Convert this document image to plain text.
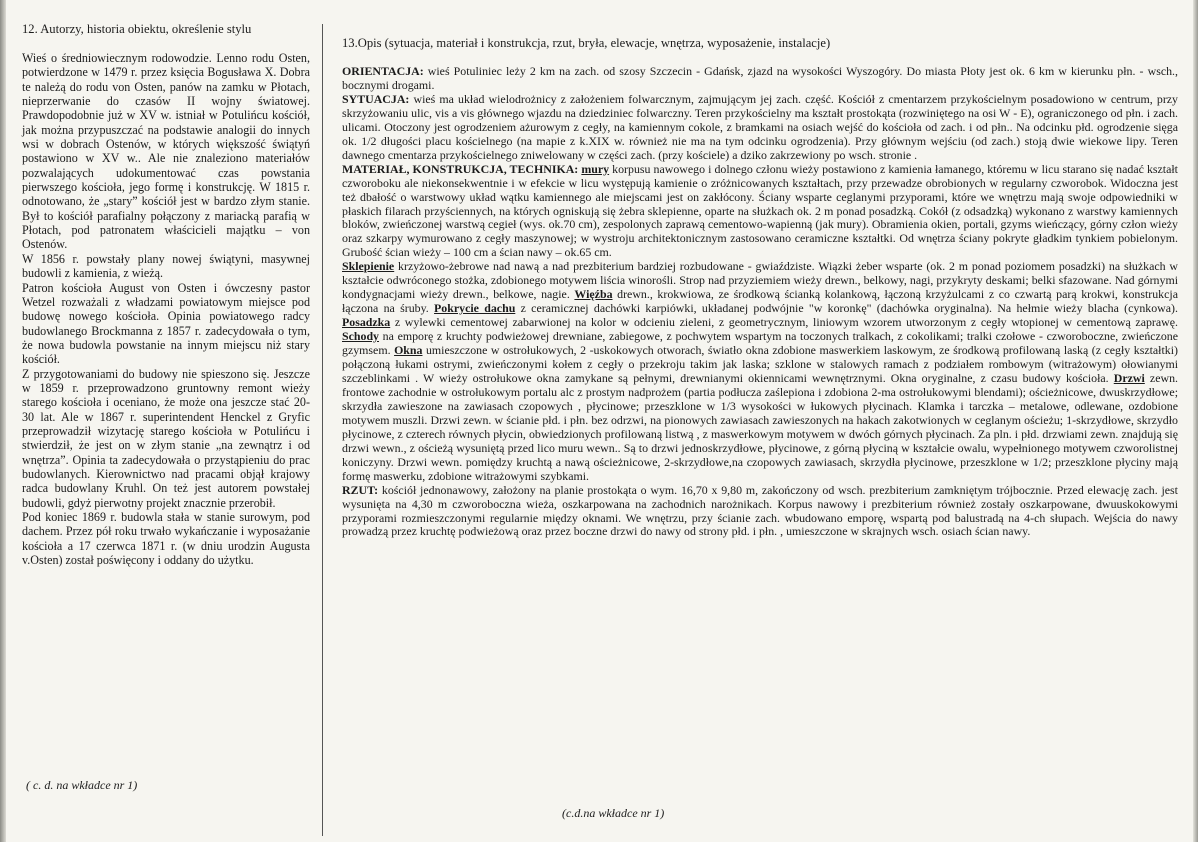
12. Autorzy, historia obiektu, określenie stylu

Wieś o średniowiecznym rodowodzie. Lenno rodu Osten, potwierdzone w 1479 r. przez księcia Bogusława X. Dobra te należą do rodu von Osten, panów na zamku w Płotach, nieprzerwanie do czasów II wojny światowej. Prawdopodobnie już w XV w. istniał w Potulińcu kościół, jak można przypuszczać na podstawie analogii do innych wsi w dobrach Ostenów, w których większość świątyń postawiono w XV w.. Ale nie znaleziono materiałów pozwalających udokumentować czas powstania pierwszego kościoła, jego formę i konstrukcję. W 1815 r. odnotowano, że „stary” kościół jest w bardzo złym stanie. Był to kościół parafialny połączony z mariacką parafią w Płotach, pod patronatem właścicieli majątku – von Ostenów.
W 1856 r. powstały plany nowej świątyni, masywnej budowli z kamienia, z wieżą.
Patron kościoła August von Osten i ówczesny pastor Wetzel rozważali z władzami powiatowym miejsce pod budowę nowego kościoła. Opinia powiatowego radcy budowlanego Brockmanna z 1857 r. zadecydowała o tym, że nowa budowla powstanie na innym miejscu niż stary kościół.
Z przygotowaniami do budowy nie spieszono się. Jeszcze w 1859 r. przeprowadzono gruntowny remont wieży starego kościoła i oceniano, że może ona jeszcze stać 20-30 lat. Ale w 1867 r. superintendent Henckel z Gryfic przeprowadził wizytację starego kościoła w Potulińcu i stwierdził, że jest on w złym stanie „na zewnątrz i od wnętrza”. Opinia ta zadecydowała o przystąpieniu do prac budowlanych. Kierownictwo nad pracami objął krajowy radca budowlany Kruhl. On też jest autorem powstałej budowli, gdyż pierwotny projekt znacznie przerobił.
Pod koniec 1869 r. budowla stała w stanie surowym, pod dachem. Przez pół roku trwało wykańczanie i wyposażanie kościoła a 17 czerwca 1871 r. (w dniu urodzin Augusta v.Osten) został poświęcony i oddany do użytku.

( c. d. na wkładce nr 1)

13.Opis (sytuacja, materiał i konstrukcja, rzut, bryła, elewacje, wnętrza, wyposażenie, instalacje)

ORIENTACJA: wieś Potuliniec leży 2 km na zach. od szosy Szczecin - Gdańsk, zjazd na wysokości Wyszogóry. Do miasta Płoty jest ok. 6 km w kierunku płn. - wsch., bocznymi drogami.

SYTUACJA: wieś ma układ wielodrożnicy z założeniem folwarcznym, zajmującym jej zach. część. Kościół z cmentarzem przykościelnym posadowiono w centrum, przy skrzyżowaniu ulic, vis a vis głównego wjazdu na dziedziniec folwarczny. Teren przykościelny ma kształt prostokąta (rozwiniętego na osi W - E), ograniczonego od płn. i zach. ulicami. Otoczony jest ogrodzeniem ażurowym z cegły, na kamiennym cokole, z bramkami na osiach wejść do kościoła od zach. i od płn.. Na odcinku płd. ogrodzenie sięga ok. 1/2 długości placu kościelnego (na mapie z k.XIX w. również nie ma na tym odcinku ogrodzenia). Przy głównym wejściu (od zach.) stoją dwie wiekowe lipy. Teren dawnego cmentarza przykościelnego zniwelowany w części zach. (przy kościele) a dziko zakrzewiony po wsch. stronie .

MATERIAŁ, KONSTRUKCJA, TECHNIKA: mury korpusu nawowego i dolnego członu wieży postawiono z kamienia łamanego, któremu w licu starano się nadać kształt czworoboku ale niekonsekwentnie i w efekcie w licu występują kamienie o zróżnicowanych kształtach, przy przewadze obrobionych w regularny czworobok. Widoczna jest też dbałość o warstwowy układ wątku kamiennego ale miejscami jest on zakłócony. Ściany wsparte ceglanymi przyporami, które we wnętrzu mają swoje odpowiedniki w płaskich filarach przyściennych, na których ogniskują się żebra sklepienne, oparte na służkach ok. 2 m ponad posadzką. Cokół (z odsadzką) wykonano z warstwy kamiennych bloków, zwieńczonej warstwą cegieł (wys. ok.70 cm), zespolonych zaprawą cementowo-wapienną (jak mury). Obramienia okien, portali, gzyms wieńczący, górny człon wieży oraz szkarpy wymurowano z cegły maszynowej; w wystroju architektonicznym zastosowano ceramiczne kształtki. Od wnętrza ściany pokryte gładkim tynkiem pobielonym. Grubość ścian wieży – 100 cm a ścian nawy – ok.65 cm.

Sklepienie krzyżowo-żebrowe nad nawą a nad prezbiterium bardziej rozbudowane - gwiaździste. Wiązki żeber wsparte (ok. 2 m ponad poziomem posadzki) na służkach w kształcie odwróconego stożka, zdobionego motywem liścia winorośli. Strop nad przyziemiem wieży drewn., belkowy, nagi, przykryty deskami; belki sfazowane. Nad górnymi kondygnacjami wieży drewn., belkowe, nagie. Więźba drewn., krokwiowa, ze środkową ścianką kolankową, łączoną krzyżulcami z co czwartą parą krokwi, konstrukcja łączona na śruby. Pokrycie dachu z ceramicznej dachówki karpiówki, układanej podwójnie "w koronkę" (dachówka oryginalna). Na hełmie wieży blacha (cynkowa). Posadzka z wylewki cementowej zabarwionej na kolor w odcieniu zieleni, z geometrycznym, liniowym wzorem utworzonym z cegły wtopionej w cementową zaprawę. Schody na emporę z kruchty podwieżowej drewniane, zabiegowe, z pochwytem wspartym na toczonych tralkach, z cokolikami; tralki czołowe - czworoboczne, zwieńczone gzymsem. Okna umieszczone w ostrołukowych, 2 -uskokowych otworach, światło okna zdobione maswerkiem laskowym, ze środkową profilowaną laską (z cegły kształtki) połączoną łukami ostrymi, zwieńczonymi kołem z cegły o przekroju takim jak laska; szklone w stalowych ramach z podziałem rombowym (witrażowym) ołowianymi szczeblinkami . W wieży ostrołukowe okna zamykane są pełnymi, drewnianymi okiennicami wewnętrznymi. Okna oryginalne, z czasu budowy kościoła. Drzwi zewn. frontowe zachodnie w ostrołukowym portalu alc z prostym nadprożem (partia podłucza zaślepiona i zdobiona 2-ma ostrołukowymi blendami); ościeżnicowe, dwuskrzydłowe; skrzydła zawieszone na zawiasach czopowych , płycinowe; przeszklone w 1/3 wysokości w łukowych płycinach. Klamka i tarczka – metalowe, odlewane, ozdobione motywem muszli. Drzwi zewn. w ścianie płd. i płn. bez odrzwi, na pionowych zawiasach zawieszonych na hakach zakotwionych w ceglanym ościeżu; 1-skrzydłowe, skrzydło płycinowe, z czterech równych płycin, obwiedzionych profilowaną listwą , z maswerkowym motywem w dwóch górnych płycinach. Za pln. i płd. drzwiami zewn. znajdują się drzwi wewn., z ościeżą wysuniętą przed lico muru wewn.. Są to drzwi jednoskrzydłowe, płycinowe, z górną płyciną w kształcie owalu, wypełnionego motywem czworolistnej koniczyny. Drzwi wewn. pomiędzy kruchtą a nawą ościeżnicowe, 2-skrzydłowe,na czopowych zawiasach, skrzydła płycinowe, przeszklone w 1/2; przeszklone płyciny mają formę maswerku, zdobione witrażowymi szybkami.

RZUT: kościół jednonawowy, założony na planie prostokąta o wym. 16,70 x 9,80 m, zakończony od wsch. prezbiterium zamkniętym trójbocznie. Przed elewację zach. jest wysunięta na 4,30 m czworoboczna wieża, oszkarpowana na zachodnich narożnikach. Korpus nawowy i prezbiterium również zostały oszkarpowane, dwuuskokowymi przyporami rozmieszczonymi regularnie między oknami. We wnętrzu, przy ścianie zach. wbudowano emporę, wspartą pod balustradą na 4-ch słupach. Wejścia do nawy prowadzą przez kruchtę podwieżową oraz przez boczne drzwi do nawy od strony płd. i płn. , umieszczone w skrajnych wsch. osiach ścian nawy.

(c.d.na wkładce nr 1)
